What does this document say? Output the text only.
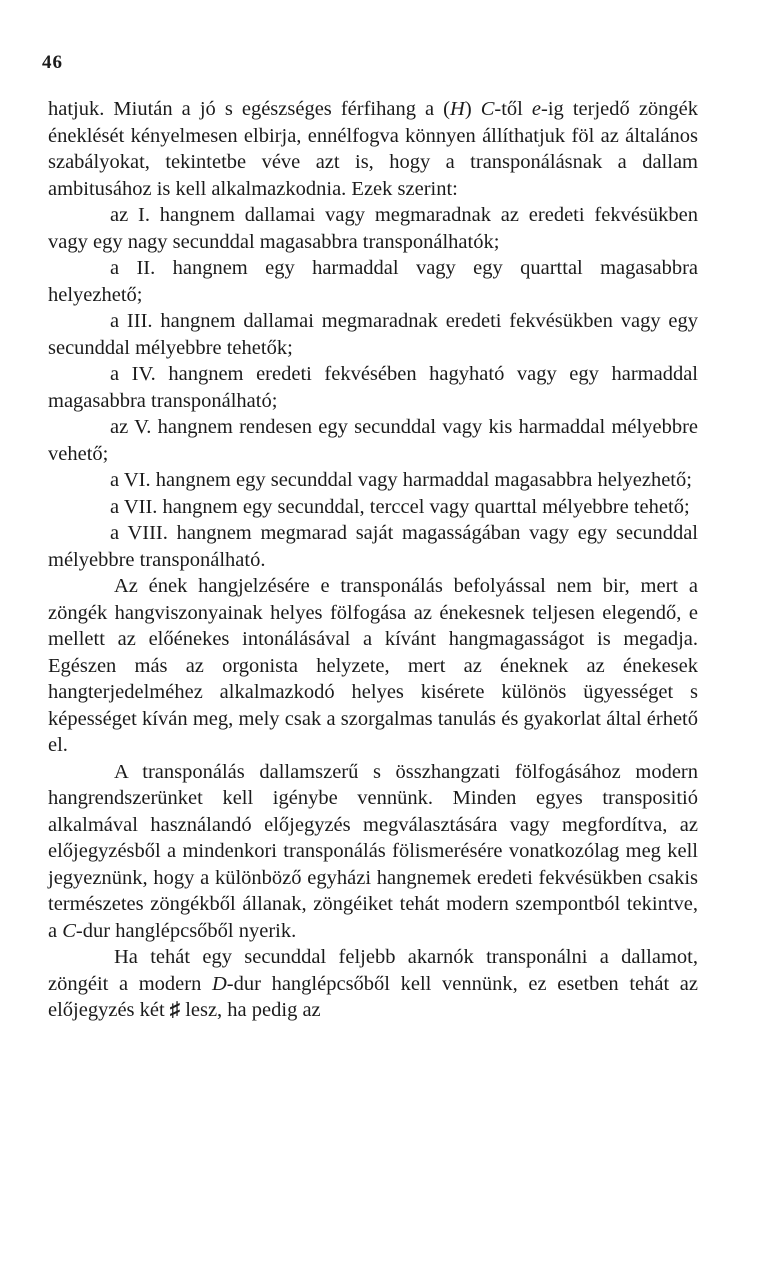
46

hatjuk. Miután a jó s egészséges férfihang a (H) C-től e-ig terjedő zöngék éneklését kényelmesen elbirja, ennélfogva könnyen állíthatjuk föl az általános szabályokat, tekintetbe véve azt is, hogy a transponálásnak a dallam ambitusához is kell alkalmazkodnia. Ezek szerint:

az I. hangnem dallamai vagy megmaradnak az eredeti fekvésükben vagy egy nagy secunddal magasabbra transponálhatók;

a II. hangnem egy harmaddal vagy egy quarttal magasabbra helyezhető;

a III. hangnem dallamai megmaradnak eredeti fekvésükben vagy egy secunddal mélyebbre tehetők;

a IV. hangnem eredeti fekvésében hagyható vagy egy harmaddal magasabbra transponálható;

az V. hangnem rendesen egy secunddal vagy kis harmaddal mélyebbre vehető;

a VI. hangnem egy secunddal vagy harmaddal magasabbra helyezhető;

a VII. hangnem egy secunddal, terccel vagy quarttal mélyebbre tehető;

a VIII. hangnem megmarad saját magasságában vagy egy secunddal mélyebbre transponálható.

Az ének hangjelzésére e transponálás befolyással nem bir, mert a zöngék hangviszonyainak helyes fölfogása az énekesnek teljesen elegendő, e mellett az előénekes intonálásával a kívánt hangmagasságot is megadja. Egészen más az orgonista helyzete, mert az éneknek az énekesek hangterjedelméhez alkalmazkodó helyes kisérete különös ügyességet s képességet kíván meg, mely csak a szorgalmas tanulás és gyakorlat által érhető el.

A transponálás dallamszerű s összhangzati fölfogásához modern hangrendszerünket kell igénybe vennünk. Minden egyes transpositió alkalmával használandó előjegyzés megválasztására vagy megfordítva, az előjegyzésből a mindenkori transponálás fölismerésére vonatkozólag meg kell jegyeznünk, hogy a különböző egyházi hangnemek eredeti fekvésükben csakis természetes zöngékből állanak, zöngéiket tehát modern szempontból tekintve, a C-dur hanglépcsőből nyerik.

Ha tehát egy secunddal feljebb akarnók transponálni a dallamot, zöngéit a modern D-dur hanglépcsőből kell vennünk, ez esetben tehát az előjegyzés két ♯ lesz, ha pedig az
